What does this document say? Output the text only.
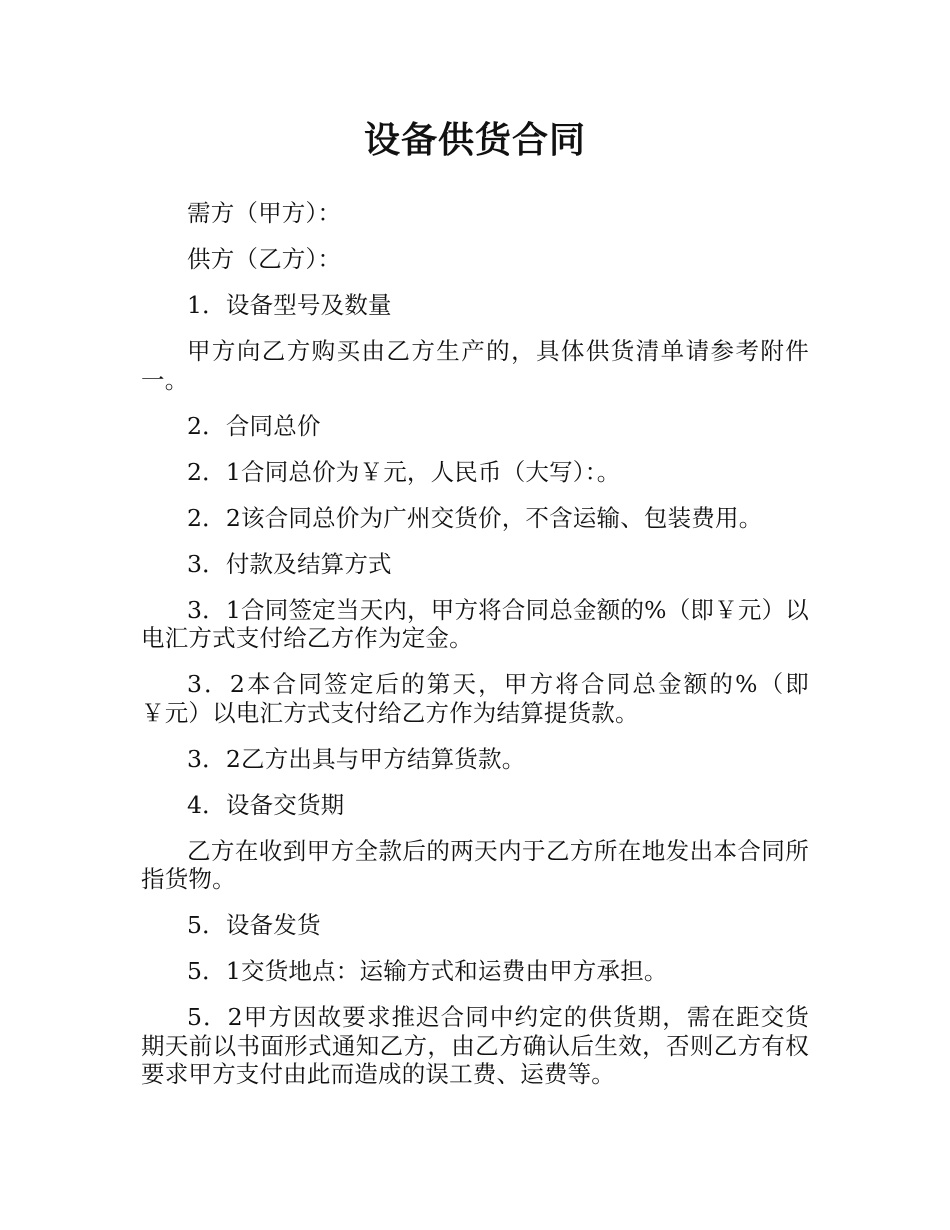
设备供货合同

需方（甲方）：

供方（乙方）：

1．设备型号及数量

甲方向乙方购买由乙方生产的，具体供货清单请参考附件一。

2．合同总价

2．1合同总价为￥元，人民币（大写）：。

2．2该合同总价为广州交货价，不含运输、包装费用。

3．付款及结算方式

3．1合同签定当天内，甲方将合同总金额的%（即￥元）以电汇方式支付给乙方作为定金。

3．2本合同签定后的第天，甲方将合同总金额的%（即￥元）以电汇方式支付给乙方作为结算提货款。

3．2乙方出具与甲方结算货款。

4．设备交货期

乙方在收到甲方全款后的两天内于乙方所在地发出本合同所指货物。

5．设备发货

5．1交货地点：运输方式和运费由甲方承担。

5．2甲方因故要求推迟合同中约定的供货期，需在距交货期天前以书面形式通知乙方，由乙方确认后生效，否则乙方有权要求甲方支付由此而造成的误工费、运费等。
